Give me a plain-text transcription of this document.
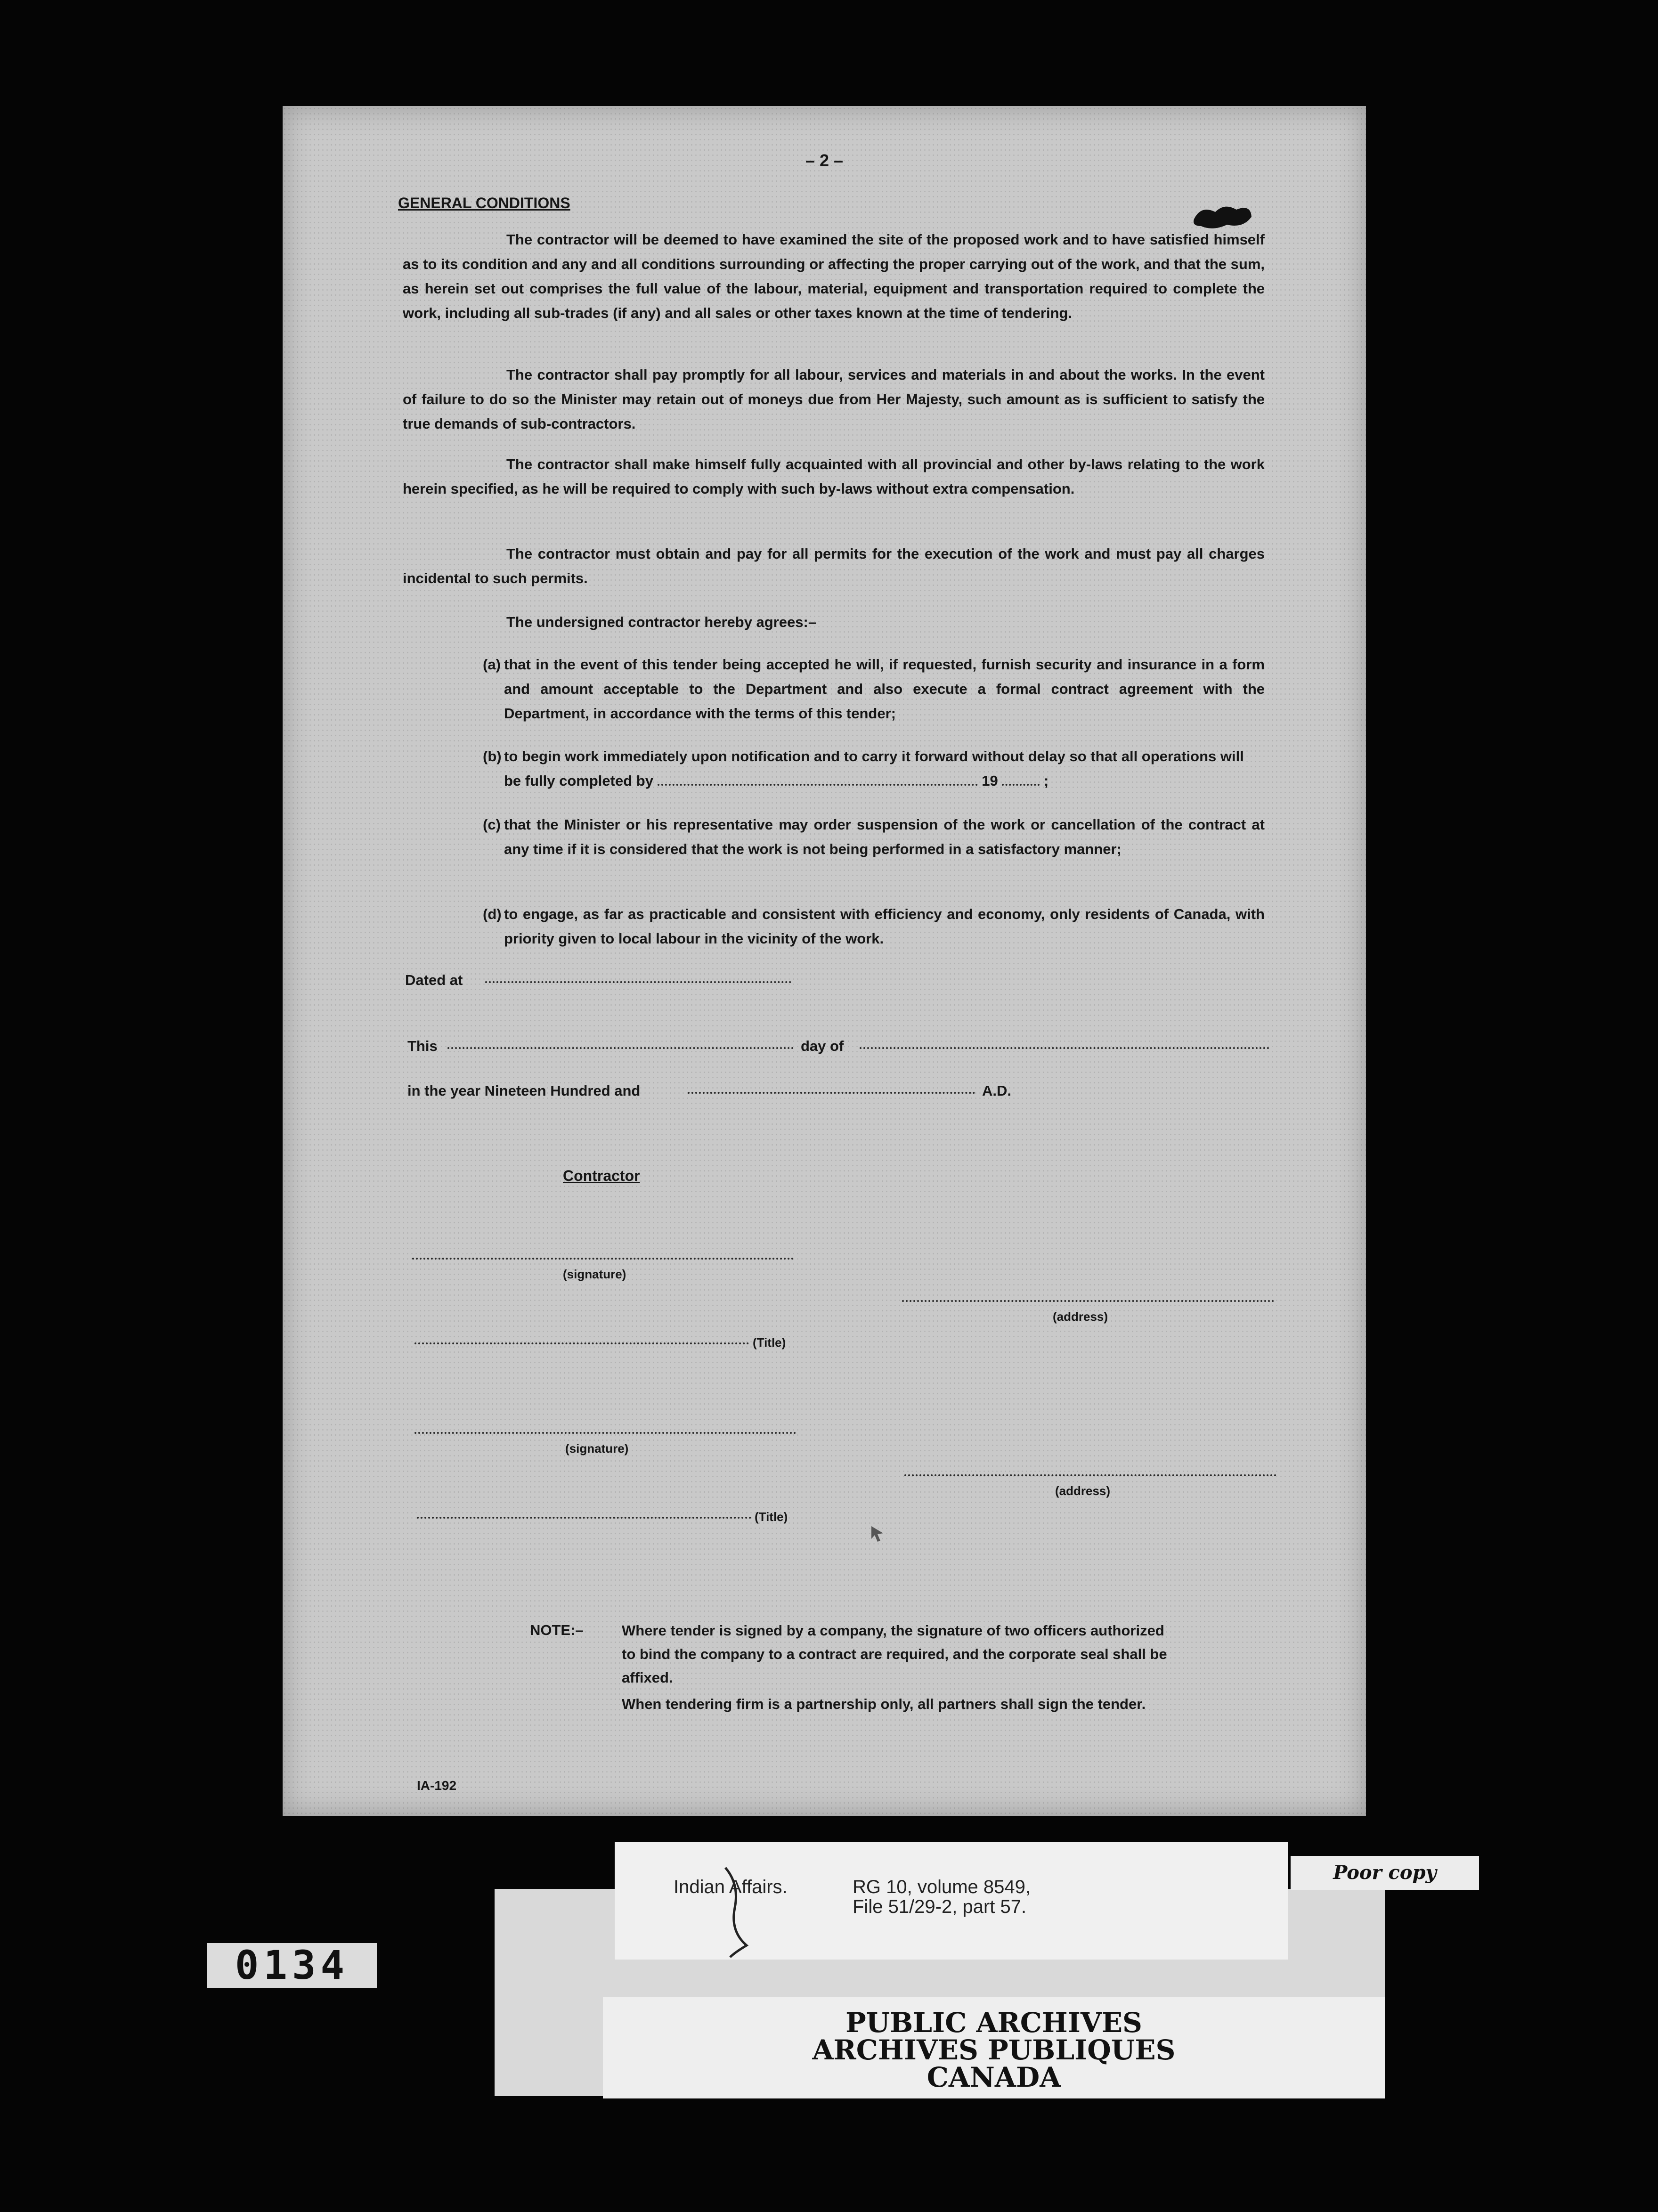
– 2 –
GENERAL CONDITIONS
The contractor will be deemed to have examined the site of the proposed work and to have satisfied himself as to its condition and any and all conditions surrounding or affecting the proper carrying out of the work, and that the sum, as herein set out comprises the full value of the labour, material, equipment and transportation required to complete the work, including all sub-trades (if any) and all sales or other taxes known at the time of tendering.
The contractor shall pay promptly for all labour, services and materials in and about the works. In the event of failure to do so the Minister may retain out of moneys due from Her Majesty, such amount as is sufficient to satisfy the true demands of sub-contractors.
The contractor shall make himself fully acquainted with all provincial and other by-laws relating to the work herein specified, as he will be required to comply with such by-laws without extra compensation.
The contractor must obtain and pay for all permits for the execution of the work and must pay all charges incidental to such permits.
The undersigned contractor hereby agrees:–
(a) that in the event of this tender being accepted he will, if requested, furnish security and insurance in a form and amount acceptable to the Department and also execute a formal contract agreement with the Department, in accordance with the terms of this tender;
(b) to begin work immediately upon notification and to carry it forward without delay so that all operations will be fully completed by	19	;
(c) that the Minister or his representative may order suspension of the work or cancellation of the contract at any time if it is considered that the work is not being performed in a satisfactory manner;
(d) to engage, as far as practicable and consistent with efficiency and economy, only residents of Canada, with priority given to local labour in the vicinity of the work.
Dated at
This	day of
in the year Nineteen Hundred and	A.D.
Contractor
(signature)
(address)
(Title)
(signature)
(address)
(Title)
NOTE:–	Where tender is signed by a company, the signature of two officers authorized to bind the company to a contract are required, and the corporate seal shall be affixed.
When tendering firm is a partnership only, all partners shall sign the tender.
IA-192
Indian Affairs.	RG 10, volume 8549,
File 51/29-2, part 57.
Poor copy
PUBLIC ARCHIVES
ARCHIVES PUBLIQUES
CANADA
0134
